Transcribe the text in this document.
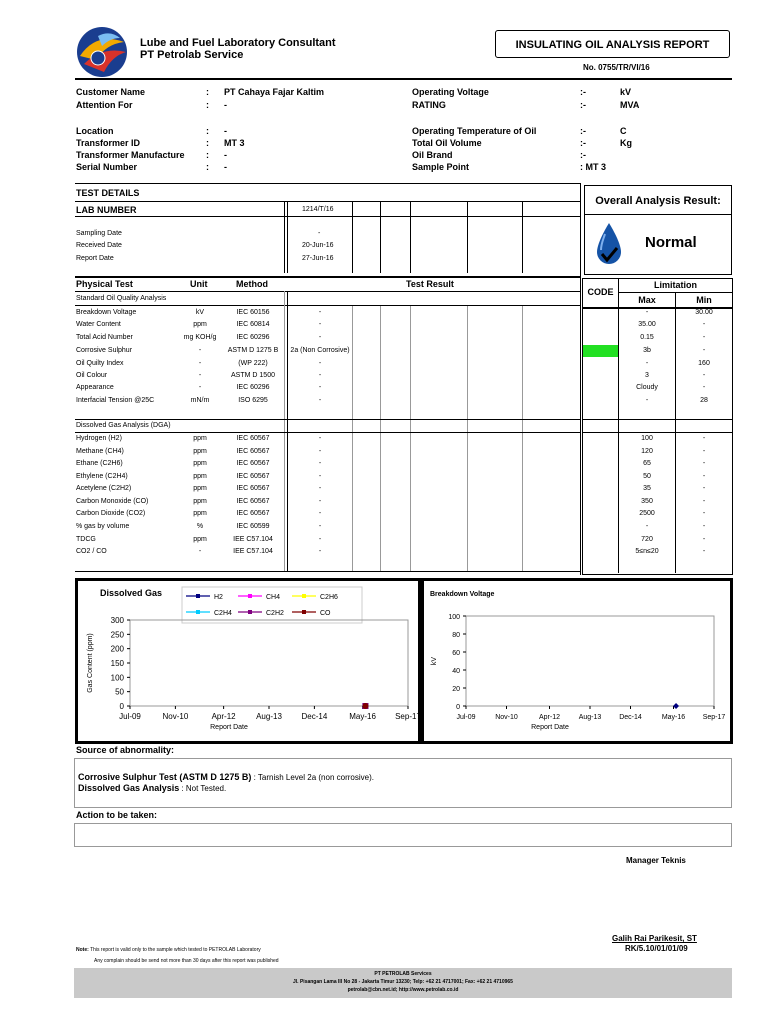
Lube and Fuel Laboratory Consultant
PT Petrolab Service
INSULATING OIL ANALYSIS REPORT
No. 0755/TR/VI/16
Customer Name	: PT Cahaya Fajar Kaltim
Attention For	: -
Location	: -
Transformer ID	: MT 3
Transformer Manufacture : -
Serial Number	: -
Operating Voltage	:-	kV
RATING	:-	MVA
Operating Temperature of Oil	:-	C
Total Oil Volume	:-	Kg
Oil Brand	:-
Sample Point	: MT 3
TEST DETAILS
LAB NUMBER	1214/T/16
Sampling Date	-
Received Date	20-Jun-16
Report Date	27-Jun-16
Overall Analysis Result:
Normal
Physical Test	Unit	Method	Test Result
Standard Oil Quality Analysis
CODE
Limitation
Max	Min
Breakdown Voltage	kV	IEC 60156	-	-	30.00
Water Content	ppm	IEC 60814	-	35.00	-
Total Acid Number	mg KOH/g	IEC 60296	-	0.15	-
Corrosive Sulphur	-	ASTM D 1275 B	2a (Non Corrosive)	3b	-
Oil Quilty Index	-	(WP 222)	-	-	160
Oil Colour	-	ASTM D 1500	-	3	-
Appearance	-	IEC 60296	-	Cloudy	-
Interfacial Tension @25C	mN/m	ISO 6295	-	-	28
Dissolved Gas Analysis (DGA)
Hydrogen (H2)	ppm	IEC 60567	-	100	-
Methane (CH4)	ppm	IEC 60567	-	120	-
Ethane (C2H6)	ppm	IEC 60567	-	65	-
Ethylene (C2H4)	ppm	IEC 60567	-	50	-
Acetylene (C2H2)	ppm	IEC 60567	-	35	-
Carbon Monoxide (CO)	ppm	IEC 60567	-	350	-
Carbon Dioxide (CO2)	ppm	IEC 60567	-	2500	-
% gas by volume	%	IEC 60599	-	-	-
TDCG	ppm	IEE C57.104	-	720	-
CO2 / CO	-	IEE C57.104	-	5≤n≤20	-
Dissolved Gas	H2	CH4	C2H6
C2H4	C2H2	CO
0
50
100
150
200
250
300
Jul-09	Nov-10	Apr-12	Aug-13 Dec-14	May-16 Sep-17
Report Date
Gas Content (ppm)
Breakdown Voltage
0
20
40
60
80
100
Jul-09	Nov-10	Apr-12	Aug-13	Dec-14	May-16	Sep-17
Report Date
kV
Source of abnormality:
Corrosive Sulphur Test (ASTM D 1275 B) : Tarnish Level 2a (non corrosive).
Dissolved Gas Analysis : Not Tested.
Action to be taken:
Manager Teknis
Galih Rai Parikesit, ST
RK/5.10/01/01/09
Note: This report is valid only to the sample which tested to PETROLAB Laboratory
Any complain should be send not more than 30 days after this report was published
PT PETROLAB Services
Jl. Pisangan Lama III No 28 - Jakarta Timur 13230; Telp: +62 21 4717001; Fax: +62 21 4710965
petrolab@cbn.net.id; http://www.petrolab.co.id
